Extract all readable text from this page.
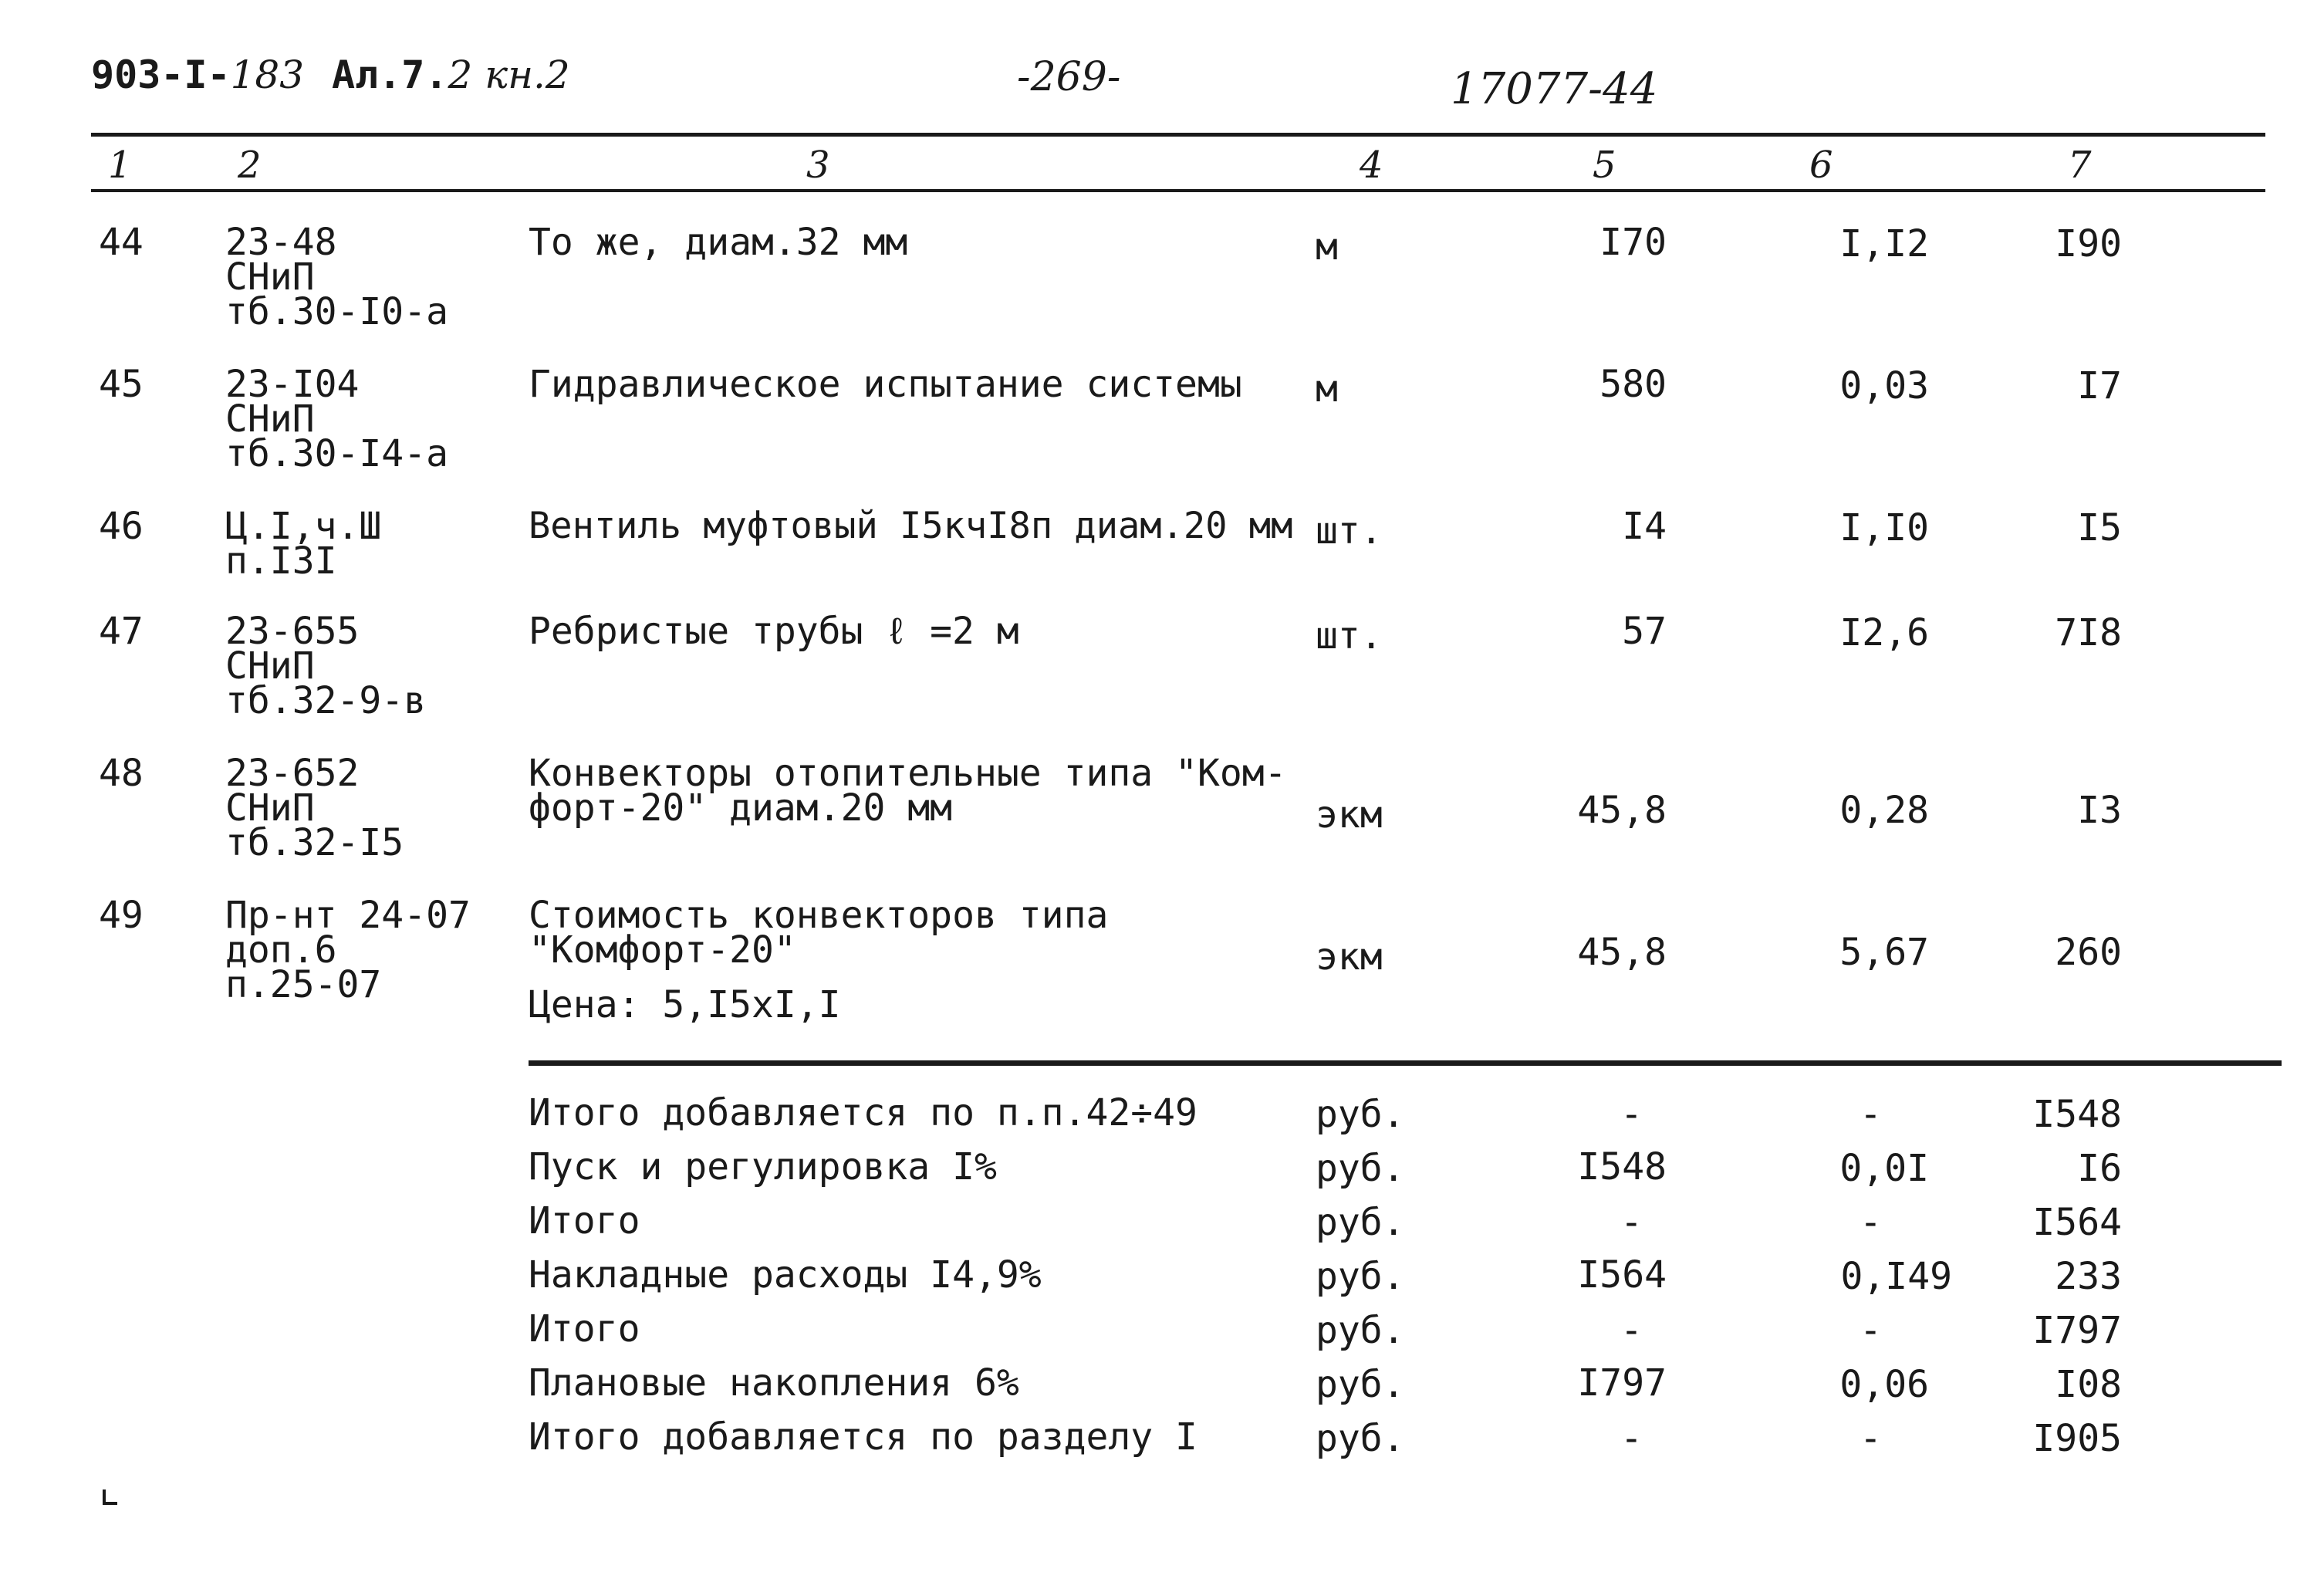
903-I-183 Ал.7.2 кн.2	-269-	17077-44
1	2	3	4	5	6	7
44 23-48
СНиП
тб.30-I0-а
То же, диам.32 мм	м	I70	I,I2	I90
45 23-I04
СНиП
тб.30-I4-а
Гидравлическое испытание системы м	580	0,03	I7
46 Ц.I,ч.Ш
п.I3I
Вентиль муфтовый I5кчI8п диам.20 мм шт.	I4	I,I0	I5
47 23-655
СНиП
тб.32-9-в
Ребристые трубы ℓ =2 м	шт.	57	I2,6	7I8
48 23-652
СНиП
тб.32-I5
Конвекторы отопительные типа "Ком-
форт-20" диам.20 мм	экм	45,8	0,28	I3
49 Пр-нт 24-07
доп.6
п.25-07
Стоимость конвекторов типа
"Комфорт-20"
Цена: 5,I5xI,I
экм	45,8	5,67	260
Итого добавляется по п.п.42÷49	руб.	-	-	I548
Пуск и регулировка I%	руб.	I548	0,0I	I6
Итого	руб.	-	-	I564
Накладные расходы I4,9%	руб.	I564	0,I49	233
Итого	руб.	-	-	I797
Плановые накопления 6%	руб.	I797	0,06	I08
Итого добавляется по разделу I	руб.	-	-	I905
